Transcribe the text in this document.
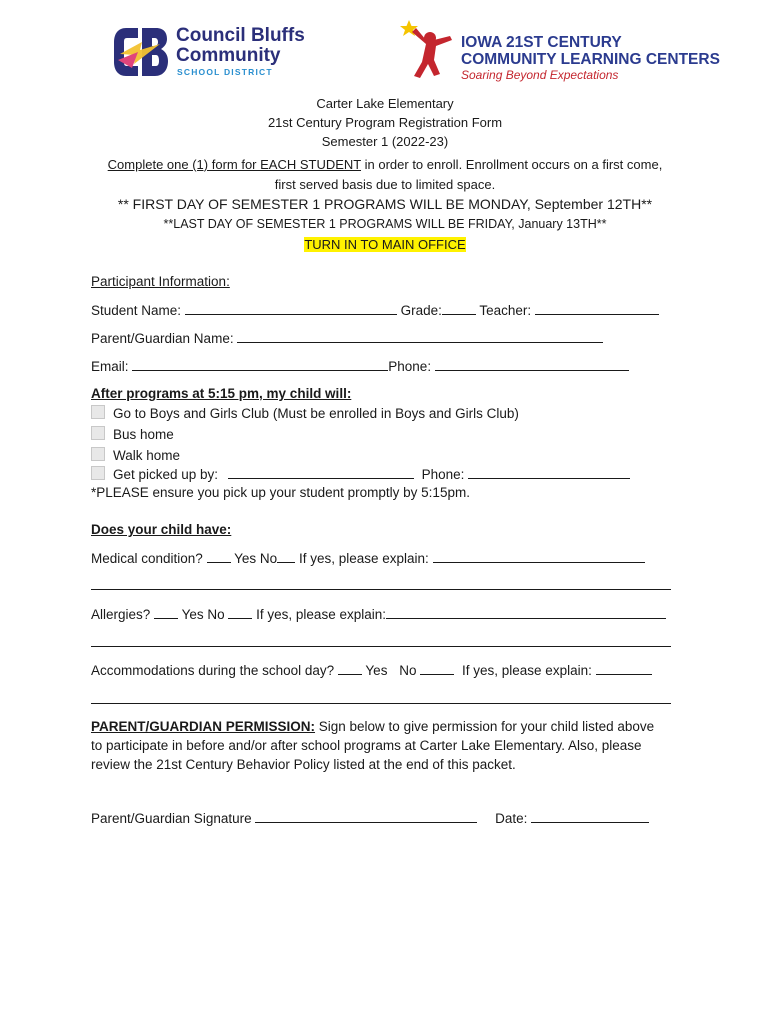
Council Bluffs
Community
SCHOOL DISTRICT
IOWA 21ST CENTURY
COMMUNITY LEARNING CENTERS
Soaring Beyond Expectations
Carter Lake Elementary
21st Century Program Registration Form
Semester 1 (2022-23)
Complete one (1) form for EACH STUDENT in order to enroll. Enrollment occurs on a first come,
first served basis due to limited space.
** FIRST DAY OF SEMESTER 1 PROGRAMS WILL BE MONDAY, September 12TH**
**LAST DAY OF SEMESTER 1 PROGRAMS WILL BE FRIDAY, January 13TH**
TURN IN TO MAIN OFFICE
Participant Information:
Student Name:	Grade:	Teacher:
Parent/Guardian Name:
Email:	Phone:
After programs at 5:15 pm, my child will:
Go to Boys and Girls Club (Must be enrolled in Boys and Girls Club)
Bus home
Walk home
Get picked up by:	Phone:
*PLEASE ensure you pick up your student promptly by 5:15pm.
Does your child have:
Medical condition? Yes No If yes, please explain:
Allergies? Yes No If yes, please explain:
Accommodations during the school day? Yes No	If yes, please explain:
PARENT/GUARDIAN PERMISSION: Sign below to give permission for your child listed above
to participate in before and/or after school programs at Carter Lake Elementary. Also, please
review the 21st Century Behavior Policy listed at the end of this packet.
Parent/Guardian Signature	Date:
